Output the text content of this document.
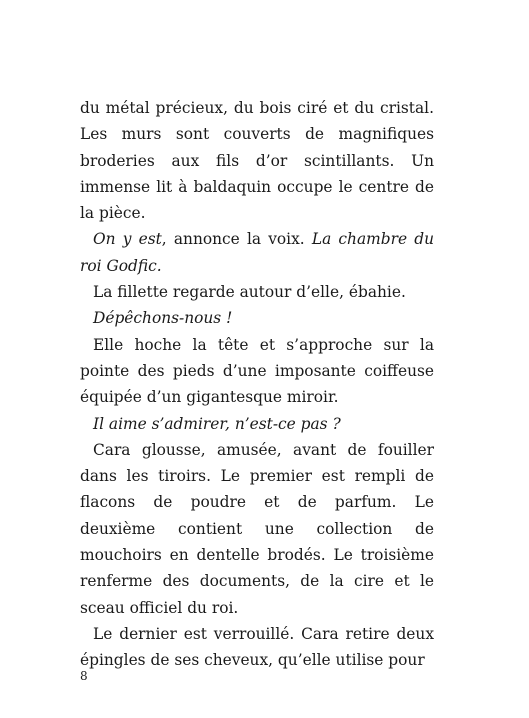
du métal précieux, du bois ciré et du cristal. Les murs sont couverts de magnifiques broderies aux fils d’or scintillants. Un immense lit à baldaquin occupe le centre de la pièce.

On y est, annonce la voix. La chambre du roi Godfic.

La fillette regarde autour d’elle, ébahie.

Dépêchons-nous !

Elle hoche la tête et s’approche sur la pointe des pieds d’une imposante coiffeuse équipée d’un gigantesque miroir.

Il aime s’admirer, n’est-ce pas ?

Cara glousse, amusée, avant de fouiller dans les tiroirs. Le premier est rempli de flacons de poudre et de parfum. Le deuxième contient une collection de mouchoirs en dentelle brodés. Le troisième renferme des documents, de la cire et le sceau officiel du roi.

Le dernier est verrouillé. Cara retire deux épingles de ses cheveux, qu’elle utilise pour

8
